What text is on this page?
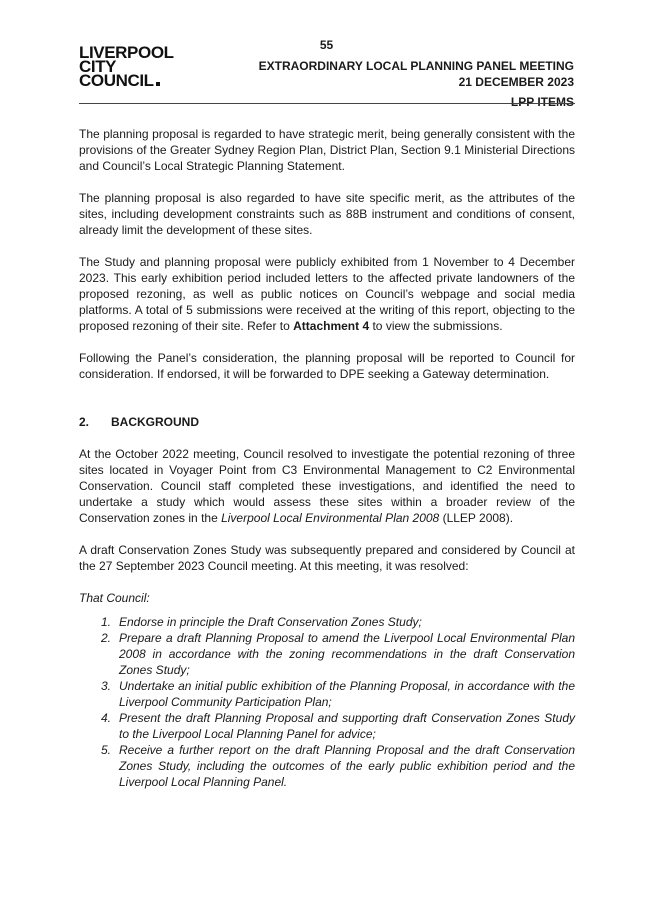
55
LIVERPOOL
CITY
COUNCIL
EXTRAORDINARY LOCAL PLANNING PANEL MEETING
21 DECEMBER 2023
LPP ITEMS

The planning proposal is regarded to have strategic merit, being generally consistent with the provisions of the Greater Sydney Region Plan, District Plan, Section 9.1 Ministerial Directions and Council’s Local Strategic Planning Statement.

The planning proposal is also regarded to have site specific merit, as the attributes of the sites, including development constraints such as 88B instrument and conditions of consent, already limit the development of these sites.

The Study and planning proposal were publicly exhibited from 1 November to 4 December 2023. This early exhibition period included letters to the affected private landowners of the proposed rezoning, as well as public notices on Council’s webpage and social media platforms. A total of 5 submissions were received at the writing of this report, objecting to the proposed rezoning of their site. Refer to Attachment 4 to view the submissions.

Following the Panel’s consideration, the planning proposal will be reported to Council for consideration. If endorsed, it will be forwarded to DPE seeking a Gateway determination.

2. BACKGROUND

At the October 2022 meeting, Council resolved to investigate the potential rezoning of three sites located in Voyager Point from C3 Environmental Management to C2 Environmental Conservation. Council staff completed these investigations, and identified the need to undertake a study which would assess these sites within a broader review of the Conservation zones in the Liverpool Local Environmental Plan 2008 (LLEP 2008).

A draft Conservation Zones Study was subsequently prepared and considered by Council at the 27 September 2023 Council meeting. At this meeting, it was resolved:

That Council:

1. Endorse in principle the Draft Conservation Zones Study;
2. Prepare a draft Planning Proposal to amend the Liverpool Local Environmental Plan 2008 in accordance with the zoning recommendations in the draft Conservation Zones Study;
3. Undertake an initial public exhibition of the Planning Proposal, in accordance with the Liverpool Community Participation Plan;
4. Present the draft Planning Proposal and supporting draft Conservation Zones Study to the Liverpool Local Planning Panel for advice;
5. Receive a further report on the draft Planning Proposal and the draft Conservation Zones Study, including the outcomes of the early public exhibition period and the Liverpool Local Planning Panel.
